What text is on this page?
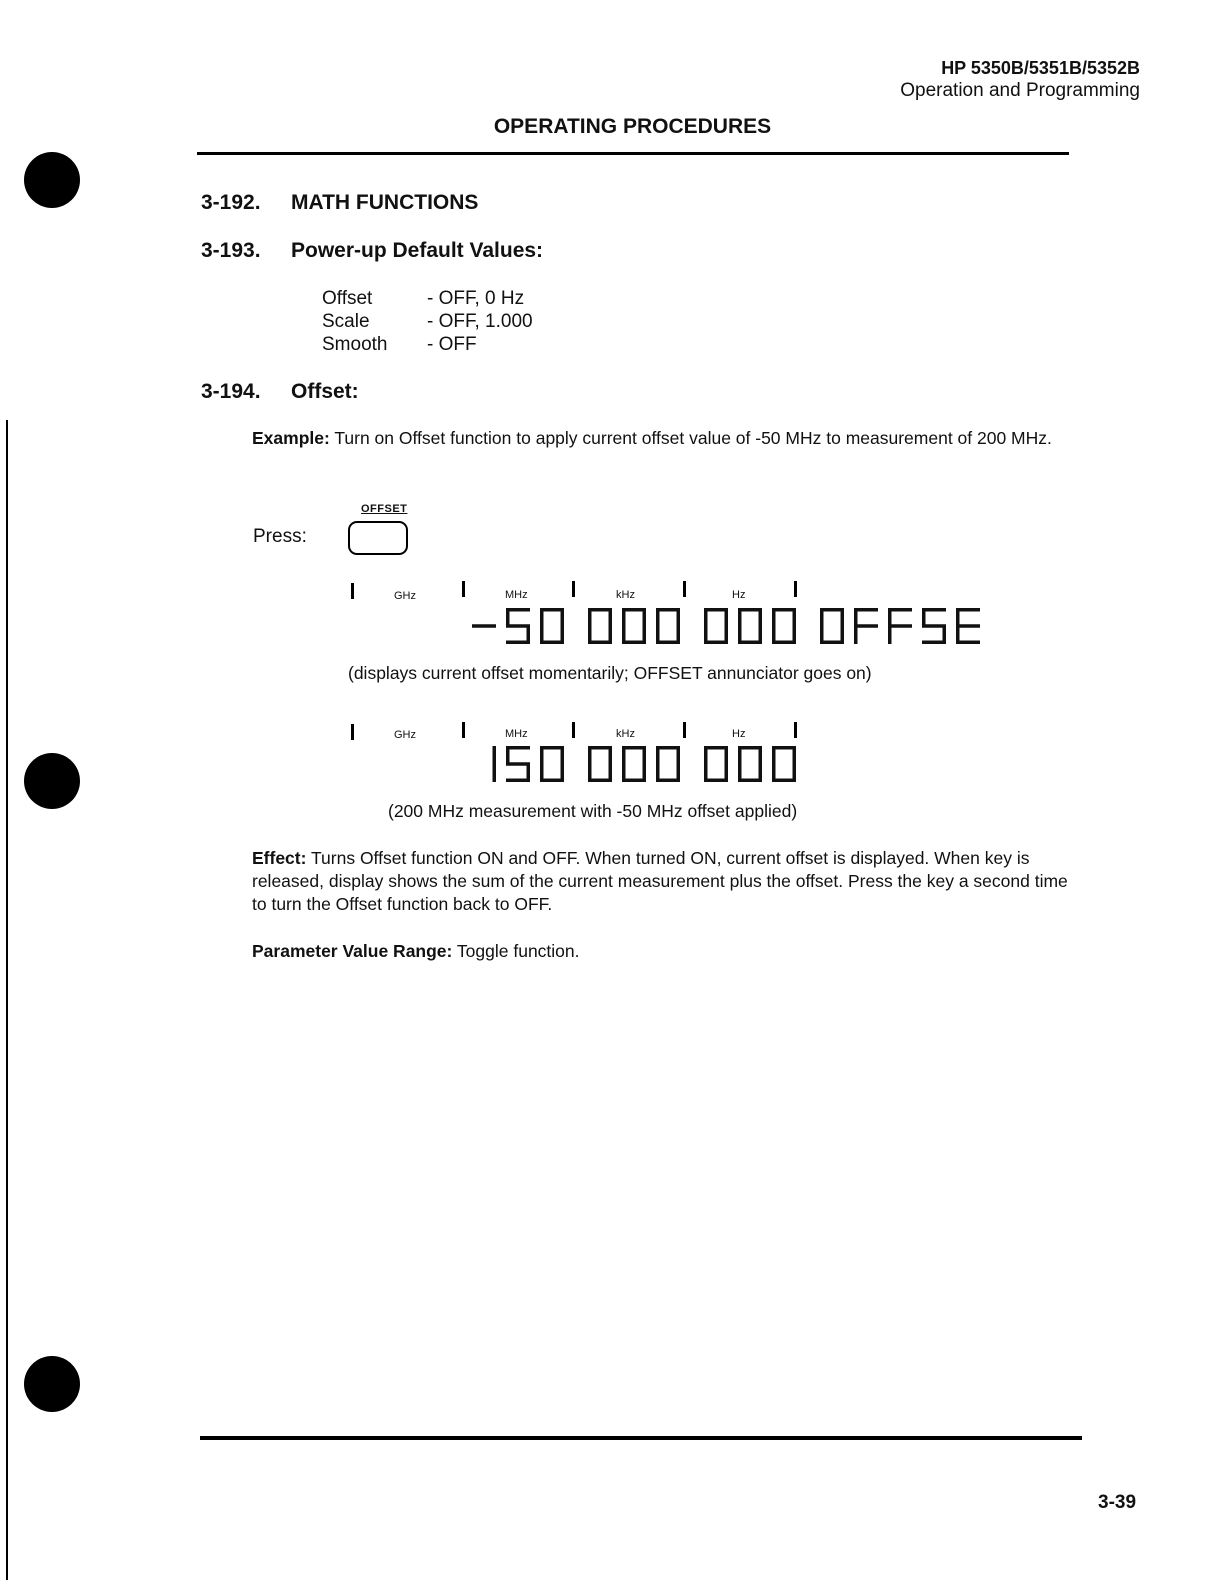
HP 5350B/5351B/5352B
Operation and Programming
OPERATING PROCEDURES
3-192. MATH FUNCTIONS
3-193. Power-up Default Values:
Offset	- OFF, 0 Hz
Scale	- OFF, 1.000
Smooth	- OFF
3-194. Offset:
Example: Turn on Offset function to apply current offset value of -50 MHz to measurement of 200 MHz.
Press:
OFFSET
GHz	MHz	kHz	Hz
(displays current offset momentarily; OFFSET annunciator goes on)
GHz	MHz	kHz	Hz
(200 MHz measurement with -50 MHz offset applied)
Effect: Turns Offset function ON and OFF. When turned ON, current offset is displayed. When key is released, display shows the sum of the current measurement plus the offset. Press the key a second time to turn the Offset function back to OFF.
Parameter Value Range: Toggle function.
3-39
